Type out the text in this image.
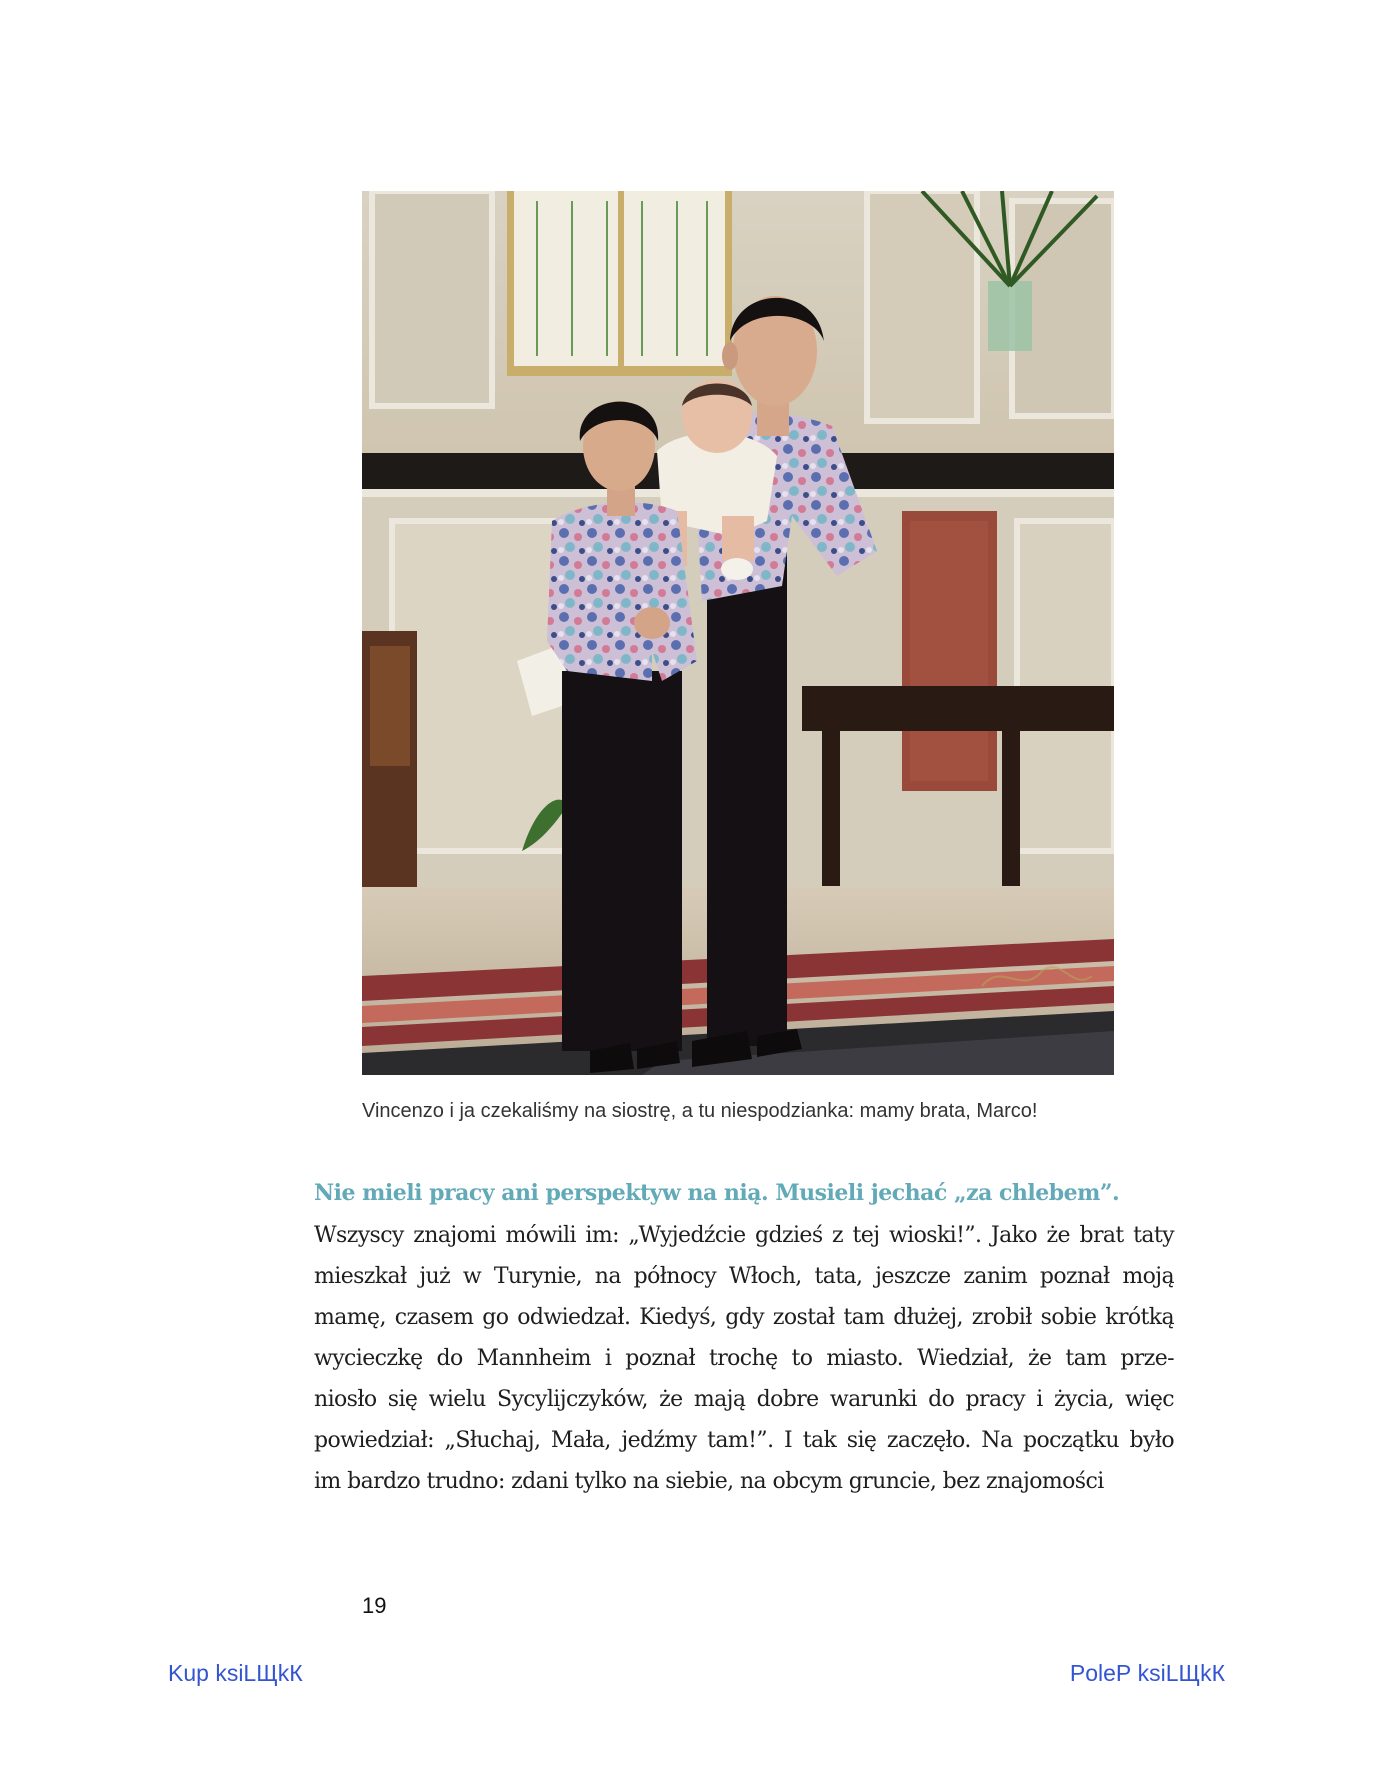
Vincenzo i ja czekaliśmy na siostrę, a tu niespodzianka: mamy brata, Marco!
Nie mieli pracy ani perspektyw na nią. Musieli jechać „za chlebem”.
Wszyscy znajomi mówili im: „Wyjedźcie gdzieś z tej wioski!”. Jako że brat taty
mieszkał już w Turynie, na północy Włoch, tata, jeszcze zanim poznał moją
mamę, czasem go odwiedzał. Kiedyś, gdy został tam dłużej, zrobił sobie krótką
wycieczkę do Mannheim i poznał trochę to miasto. Wiedział, że tam prze-
niosło się wielu Sycylijczyków, że mają dobre warunki do pracy i życia, więc
powiedział: „Słuchaj, Mała, jedźmy tam!”. I tak się zaczęło. Na początku było
im bardzo trudno: zdani tylko na siebie, na obcym gruncie, bez znajomości
19
Kup ksiLЩkК	PoleР ksiLЩkК
